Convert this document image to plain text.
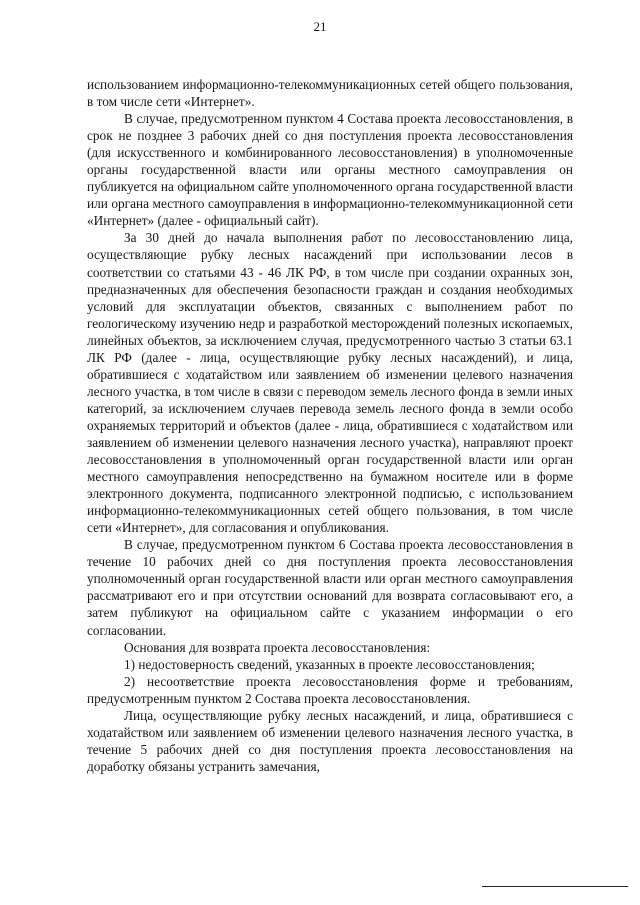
21

использованием информационно-телекоммуникационных сетей общего пользования, в том числе сети «Интернет».

В случае, предусмотренном пунктом 4 Состава проекта лесовосстановления, в срок не позднее 3 рабочих дней со дня поступления проекта лесовосстановления (для искусственного и комбинированного лесовосстановления) в уполномоченные органы государственной власти или органы местного самоуправления он публикуется на официальном сайте уполномоченного органа государственной власти или органа местного самоуправления в информационно-телекоммуникационной сети «Интернет» (далее - официальный сайт).

За 30 дней до начала выполнения работ по лесовосстановлению лица, осуществляющие рубку лесных насаждений при использовании лесов в соответствии со статьями 43 - 46 ЛК РФ, в том числе при создании охранных зон, предназначенных для обеспечения безопасности граждан и создания необходимых условий для эксплуатации объектов, связанных с выполнением работ по геологическому изучению недр и разработкой месторождений полезных ископаемых, линейных объектов, за исключением случая, предусмотренного частью 3 статьи 63.1 ЛК РФ (далее - лица, осуществляющие рубку лесных насаждений), и лица, обратившиеся с ходатайством или заявлением об изменении целевого назначения лесного участка, в том числе в связи с переводом земель лесного фонда в земли иных категорий, за исключением случаев перевода земель лесного фонда в земли особо охраняемых территорий и объектов (далее - лица, обратившиеся с ходатайством или заявлением об изменении целевого назначения лесного участка), направляют проект лесовосстановления в уполномоченный орган государственной власти или орган местного самоуправления непосредственно на бумажном носителе или в форме электронного документа, подписанного электронной подписью, с использованием информационно-телекоммуникационных сетей общего пользования, в том числе сети «Интернет», для согласования и опубликования.

В случае, предусмотренном пунктом 6 Состава проекта лесовосстановления в течение 10 рабочих дней со дня поступления проекта лесовосстановления уполномоченный орган государственной власти или орган местного самоуправления рассматривают его и при отсутствии оснований для возврата согласовывают его, а затем публикуют на официальном сайте с указанием информации о его согласовании.

Основания для возврата проекта лесовосстановления:

1) недостоверность сведений, указанных в проекте лесовосстановления;

2) несоответствие проекта лесовосстановления форме и требованиям, предусмотренным пунктом 2 Состава проекта лесовосстановления.

Лица, осуществляющие рубку лесных насаждений, и лица, обратившиеся с ходатайством или заявлением об изменении целевого назначения лесного участка, в течение 5 рабочих дней со дня поступления проекта лесовосстановления на доработку обязаны устранить замечания,
